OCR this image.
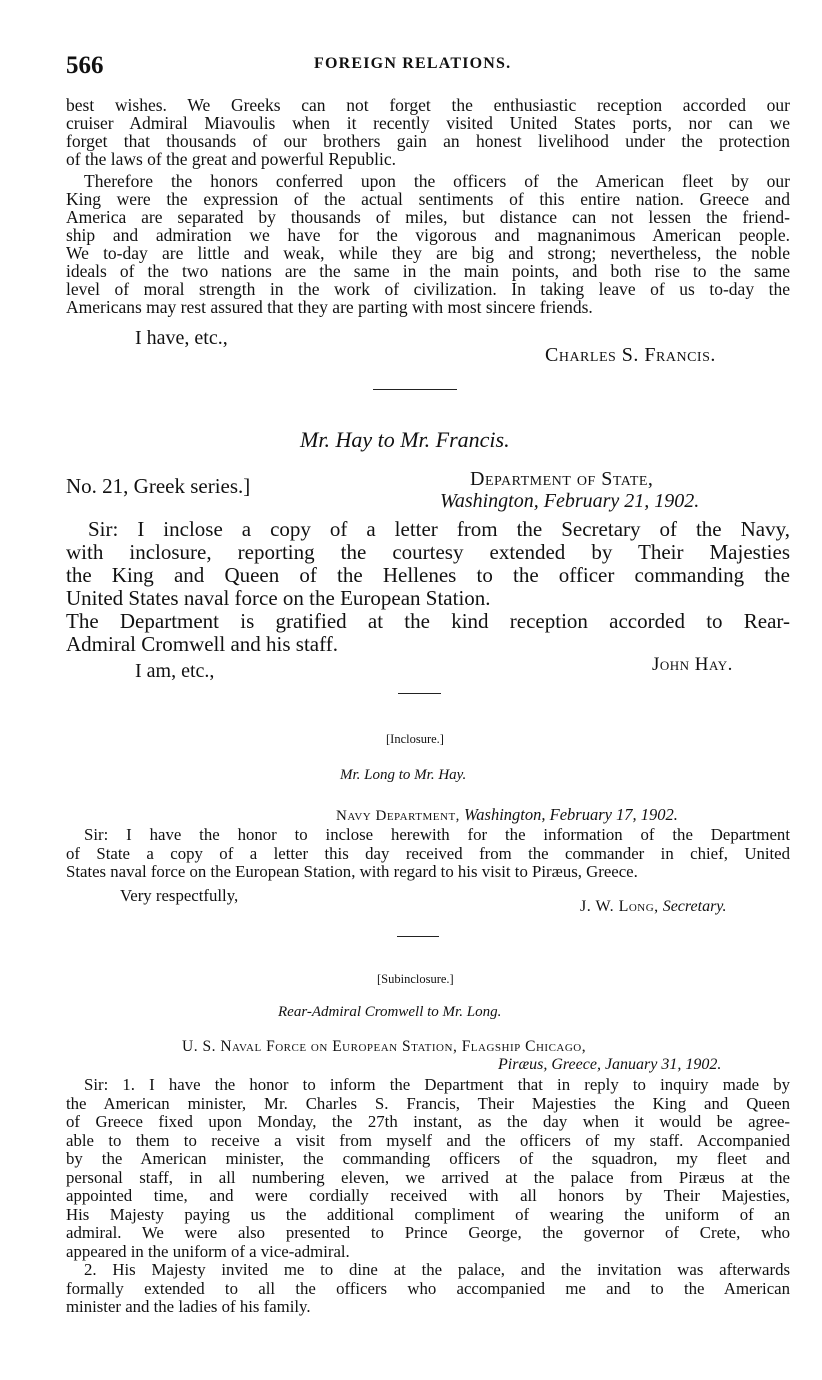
566	FOREIGN RELATIONS.
best wishes. We Greeks can not forget the enthusiastic reception accorded our
cruiser Admiral Miavoulis when it recently visited United States ports, nor can we
forget that thousands of our brothers gain an honest livelihood under the protection
of the laws of the great and powerful Republic.
Therefore the honors conferred upon the officers of the American fleet by our
King were the expression of the actual sentiments of this entire nation. Greece and
America are separated by thousands of miles, but distance can not lessen the friend-
ship and admiration we have for the vigorous and magnanimous American people.
We to-day are little and weak, while they are big and strong; nevertheless, the noble
ideals of the two nations are the same in the main points, and both rise to the same
level of moral strength in the work of civilization. In taking leave of us to-day the
Americans may rest assured that they are parting with most sincere friends.
I have, etc.,
Charles S. Francis.
Mr. Hay to Mr. Francis.
No. 21, Greek series.]	Department of State,
Washington, February 21, 1902.
Sir: I inclose a copy of a letter from the Secretary of the Navy,
with inclosure, reporting the courtesy extended by Their Majesties
the King and Queen of the Hellenes to the officer commanding the
United States naval force on the European Station.
The Department is gratified at the kind reception accorded to Rear-
Admiral Cromwell and his staff.
I am, etc.,	John Hay.
[Inclosure.]
Mr. Long to Mr. Hay.
Navy Department, Washington, February 17, 1902.
Sir: I have the honor to inclose herewith for the information of the Department
of State a copy of a letter this day received from the commander in chief, United
States naval force on the European Station, with regard to his visit to Piræus, Greece.
Very respectfully,
J. W. Long, Secretary.
[Subinclosure.]
Rear-Admiral Cromwell to Mr. Long.
U. S. Naval Force on European Station, Flagship Chicago,
Piræus, Greece, January 31, 1902.
Sir: 1. I have the honor to inform the Department that in reply to inquiry made by
the American minister, Mr. Charles S. Francis, Their Majesties the King and Queen
of Greece fixed upon Monday, the 27th instant, as the day when it would be agree-
able to them to receive a visit from myself and the officers of my staff. Accompanied
by the American minister, the commanding officers of the squadron, my fleet and
personal staff, in all numbering eleven, we arrived at the palace from Piræus at the
appointed time, and were cordially received with all honors by Their Majesties,
His Majesty paying us the additional compliment of wearing the uniform of an
admiral. We were also presented to Prince George, the governor of Crete, who
appeared in the uniform of a vice-admiral.
2. His Majesty invited me to dine at the palace, and the invitation was afterwards
formally extended to all the officers who accompanied me and to the American
minister and the ladies of his family.
